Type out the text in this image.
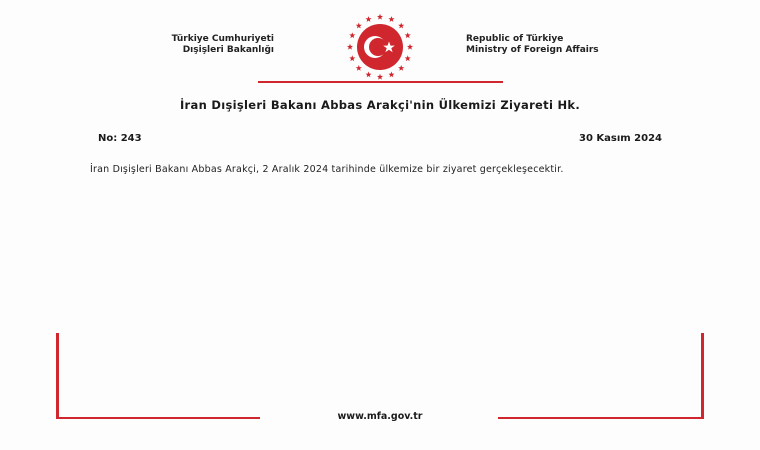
Türkiye Cumhuriyeti
Dışişleri Bakanlığı
Republic of Türkiye
Ministry of Foreign Affairs
İran Dışişleri Bakanı Abbas Arakçi'nin Ülkemizi Ziyareti Hk.
No: 243	30 Kasım 2024
İran Dışişleri Bakanı Abbas Arakçi, 2 Aralık 2024 tarihinde ülkemize bir ziyaret gerçekleşecektir.
www.mfa.gov.tr
